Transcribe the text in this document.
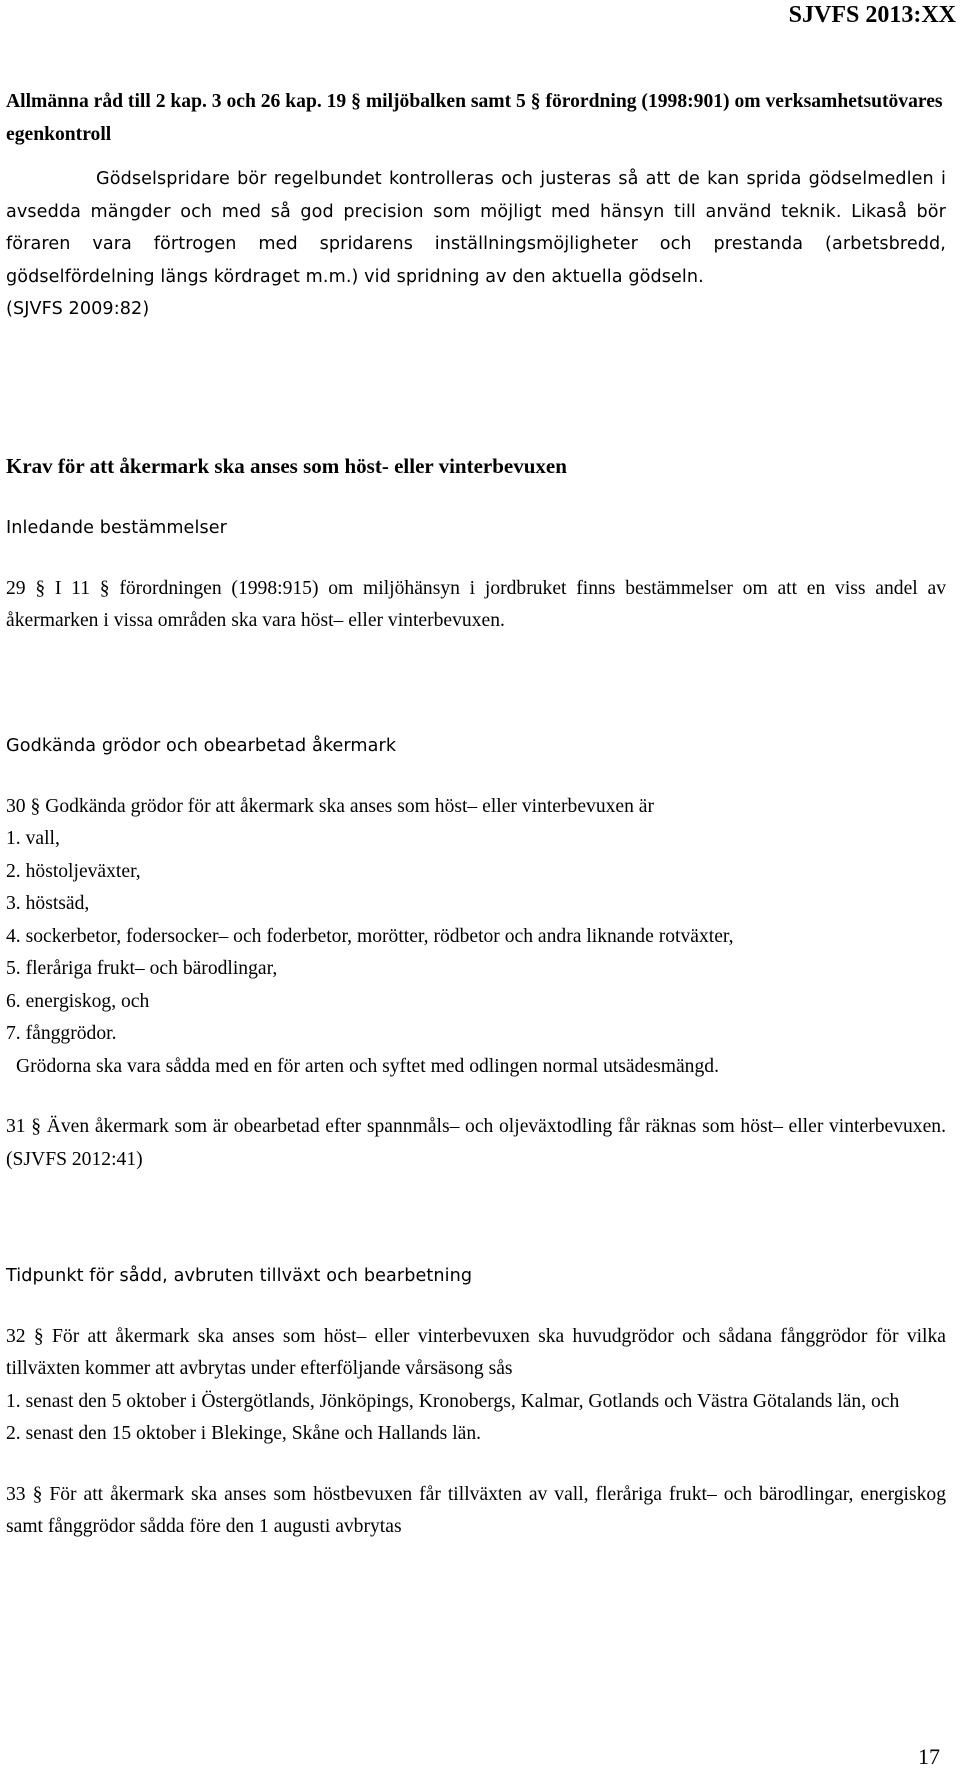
SJVFS 2013:XX

Allmänna råd till 2 kap. 3 och 26 kap. 19 § miljöbalken samt 5 § förordning (1998:901) om verksamhetsutövares egenkontroll

Gödselspridare bör regelbundet kontrolleras och justeras så att de kan sprida gödselmedlen i avsedda mängder och med så god precision som möjligt med hänsyn till använd teknik. Likaså bör föraren vara förtrogen med spridarens inställningsmöjligheter och prestanda (arbetsbredd, gödselfördelning längs kördraget m.m.) vid spridning av den aktuella gödseln.

(SJVFS 2009:82)

Krav för att åkermark ska anses som höst- eller vinterbevuxen

Inledande bestämmelser

29 § I 11 § förordningen (1998:915) om miljöhänsyn i jordbruket finns bestämmelser om att en viss andel av åkermarken i vissa områden ska vara höst– eller vinterbevuxen.

Godkända grödor och obearbetad åkermark

30 § Godkända grödor för att åkermark ska anses som höst– eller vinterbevuxen är

1. vall,

2. höstoljeväxter,

3. höstsäd,

4. sockerbetor, fodersocker– och foderbetor, morötter, rödbetor och andra liknande rotväxter,

5. fleråriga frukt– och bärodlingar,

6. energiskog, och

7. fånggrödor.

Grödorna ska vara sådda med en för arten och syftet med odlingen normal utsädesmängd.

31 § Även åkermark som är obearbetad efter spannmåls– och oljeväxtodling får räknas som höst– eller vinterbevuxen. (SJVFS 2012:41)

Tidpunkt för sådd, avbruten tillväxt och bearbetning

32 § För att åkermark ska anses som höst– eller vinterbevuxen ska huvudgrödor och sådana fånggrödor för vilka tillväxten kommer att avbrytas under efterföljande vårsäsong sås

1. senast den 5 oktober i Östergötlands, Jönköpings, Kronobergs, Kalmar, Gotlands och Västra Götalands län, och

2. senast den 15 oktober i Blekinge, Skåne och Hallands län.

33 § För att åkermark ska anses som höstbevuxen får tillväxten av vall, fleråriga frukt– och bärodlingar, energiskog samt fånggrödor sådda före den 1 augusti avbrytas

17
